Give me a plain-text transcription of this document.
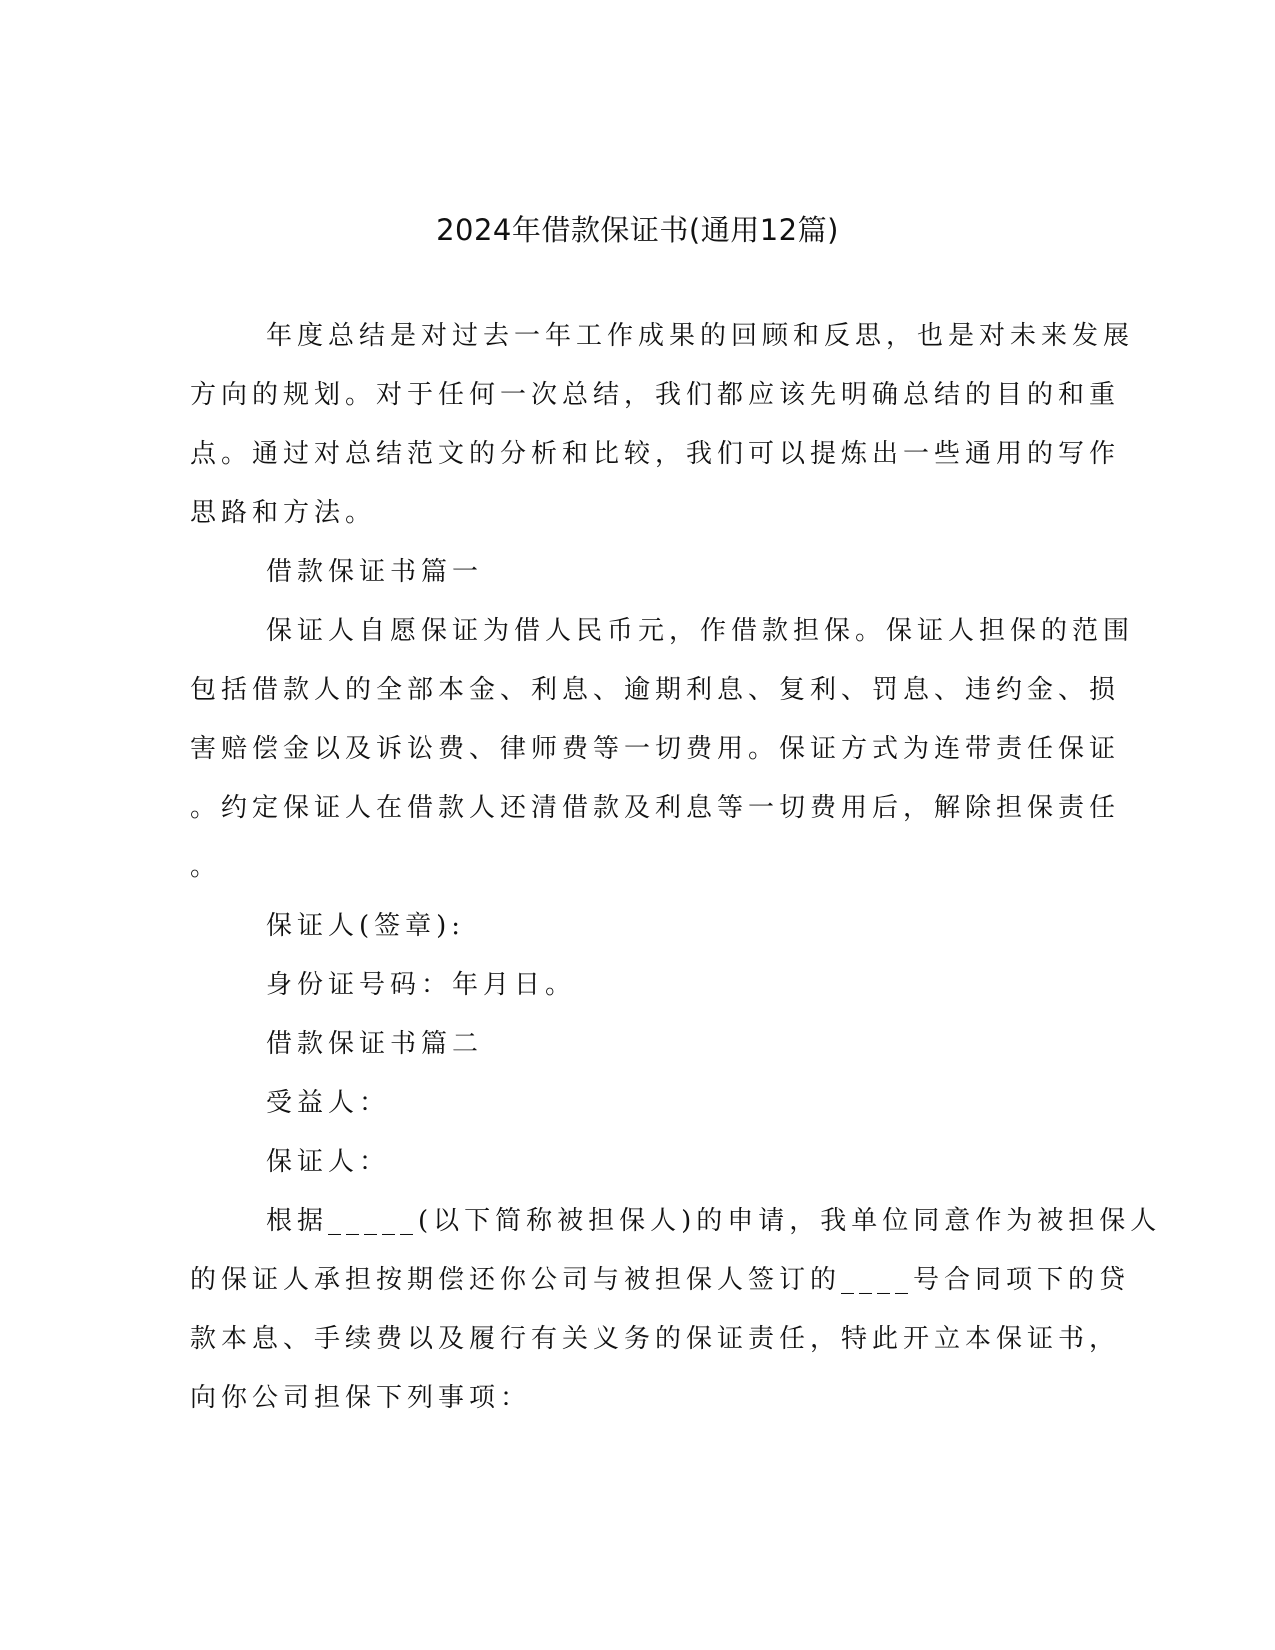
2024年借款保证书(通用12篇)

年度总结是对过去一年工作成果的回顾和反思，也是对未来发展

方向的规划。对于任何一次总结，我们都应该先明确总结的目的和重

点。通过对总结范文的分析和比较，我们可以提炼出一些通用的写作

思路和方法。

借款保证书篇一

保证人自愿保证为借人民币元，作借款担保。保证人担保的范围

包括借款人的全部本金、利息、逾期利息、复利、罚息、违约金、损

害赔偿金以及诉讼费、律师费等一切费用。保证方式为连带责任保证

。约定保证人在借款人还清借款及利息等一切费用后，解除担保责任

。

保证人(签章):

身份证号码：年月日。

借款保证书篇二

受益人：

保证人：

根据_____(以下简称被担保人)的申请，我单位同意作为被担保人

的保证人承担按期偿还你公司与被担保人签订的____号合同项下的贷

款本息、手续费以及履行有关义务的保证责任，特此开立本保证书，

向你公司担保下列事项：
